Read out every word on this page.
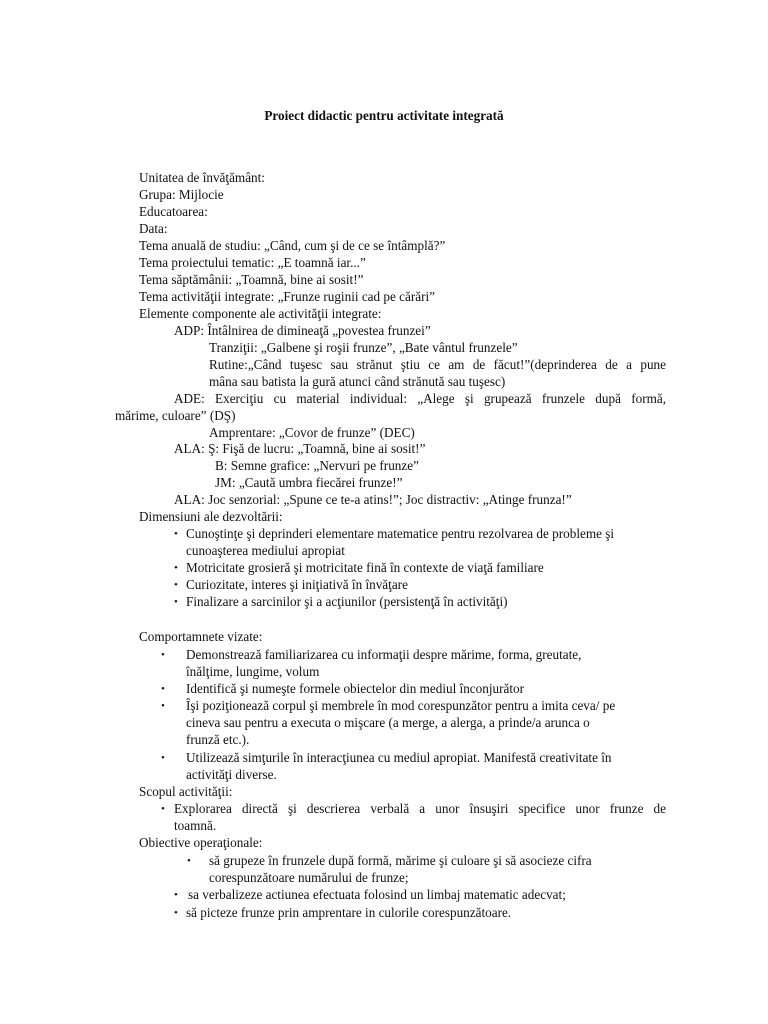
Proiect didactic pentru activitate integrată
Unitatea de învăţământ:
Grupa: Mijlocie
Educatoarea:
Data:
Tema anuală de studiu: „Când, cum şi de ce se întâmplă?”
Tema proiectului tematic: „E toamnă iar...”
Tema săptămânii: „Toamnă, bine ai sosit!”
Tema activităţii integrate: „Frunze ruginii cad pe cărări”
Elemente componente ale activităţii integrate:
ADP: Întâlnirea de dimineaţă „povestea frunzei”
Tranziţii: „Galbene şi roşii frunze”, „Bate vântul frunzele”
Rutine:„Când tuşesc sau strănut ştiu ce am de făcut!”(deprinderea de a pune
mâna sau batista la gură atunci când strănută sau tuşesc)
ADE: Exerciţiu cu material individual: „Alege şi grupează frunzele după formă,
mărime, culoare” (DŞ)
Amprentare: „Covor de frunze” (DEC)
ALA: Ş: Fişă de lucru: „Toamnă, bine ai sosit!”
B: Semne grafice: „Nervuri pe frunze”
JM: „Caută umbra fiecărei frunze!”
ALA: Joc senzorial: „Spune ce te-a atins!”; Joc distractiv: „Atinge frunza!”
Dimensiuni ale dezvoltării:
• Cunoştinţe şi deprinderi elementare matematice pentru rezolvarea de probleme şi
cunoaşterea mediului apropiat
• Motricitate grosieră şi motricitate fină în contexte de viaţă familiare
• Curiozitate, interes şi iniţiativă în învăţare
• Finalizare a sarcinilor şi a acţiunilor (persistenţă în activităţi)
Comportamnete vizate:
• Demonstrează familiarizarea cu informaţii despre mărime, forma, greutate,
înălţime, lungime, volum
• Identifică şi numeşte formele obiectelor din mediul înconjurător
• Îşi poziţionează corpul şi membrele în mod corespunzător pentru a imita ceva/ pe
cineva sau pentru a executa o mişcare (a merge, a alerga, a prinde/a arunca o
frunză etc.).
• Utilizează simţurile în interacţiunea cu mediul apropiat. Manifestă creativitate în
activităţi diverse.
Scopul activităţii:
• Explorarea directă şi descrierea verbală a unor însuşiri specifice unor frunze de
toamnă.
Obiective operaţionale:
• să grupeze în frunzele după formă, mărime şi culoare şi să asocieze cifra
corespunzătoare numărului de frunze;
• sa verbalizeze actiunea efectuata folosind un limbaj matematic adecvat;
• să picteze frunze prin amprentare in culorile corespunzătoare.
